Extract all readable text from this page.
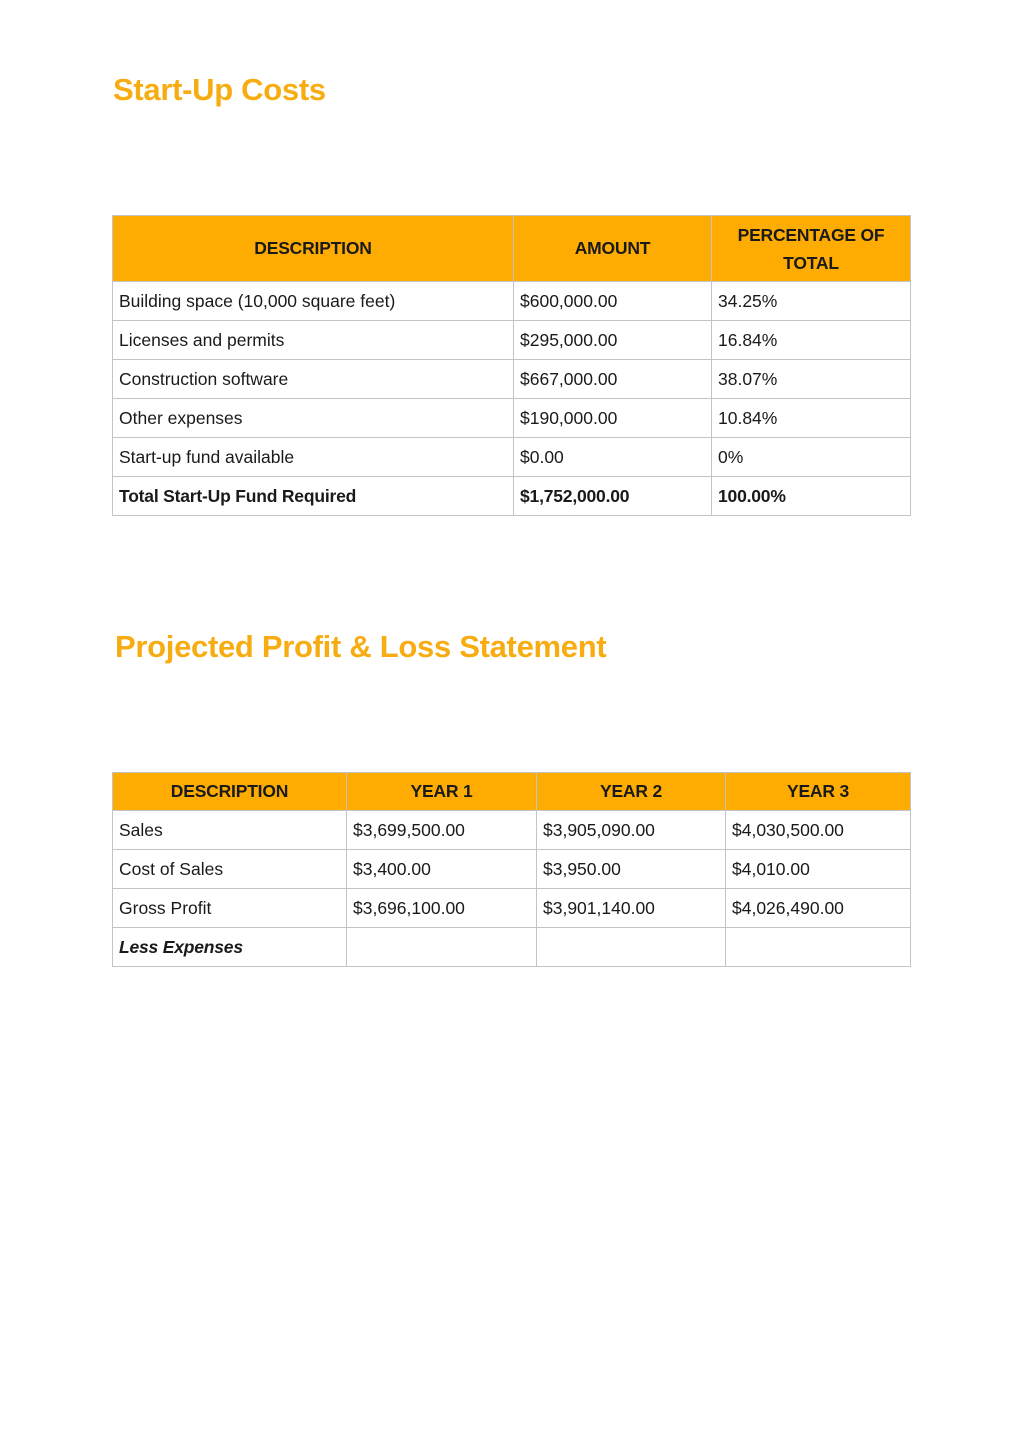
Start-Up Costs
DESCRIPTION	AMOUNT	PERCENTAGE OF TOTAL
Building space (10,000 square feet)	$600,000.00	34.25%
Licenses and permits	$295,000.00	16.84%
Construction software	$667,000.00	38.07%
Other expenses	$190,000.00	10.84%
Start-up fund available	$0.00	0%
Total Start-Up Fund Required	$1,752,000.00	100.00%
Projected Profit & Loss Statement
DESCRIPTION	YEAR 1	YEAR 2	YEAR 3
Sales	$3,699,500.00	$3,905,090.00	$4,030,500.00
Cost of Sales	$3,400.00	$3,950.00	$4,010.00
Gross Profit	$3,696,100.00	$3,901,140.00	$4,026,490.00
Less Expenses			
